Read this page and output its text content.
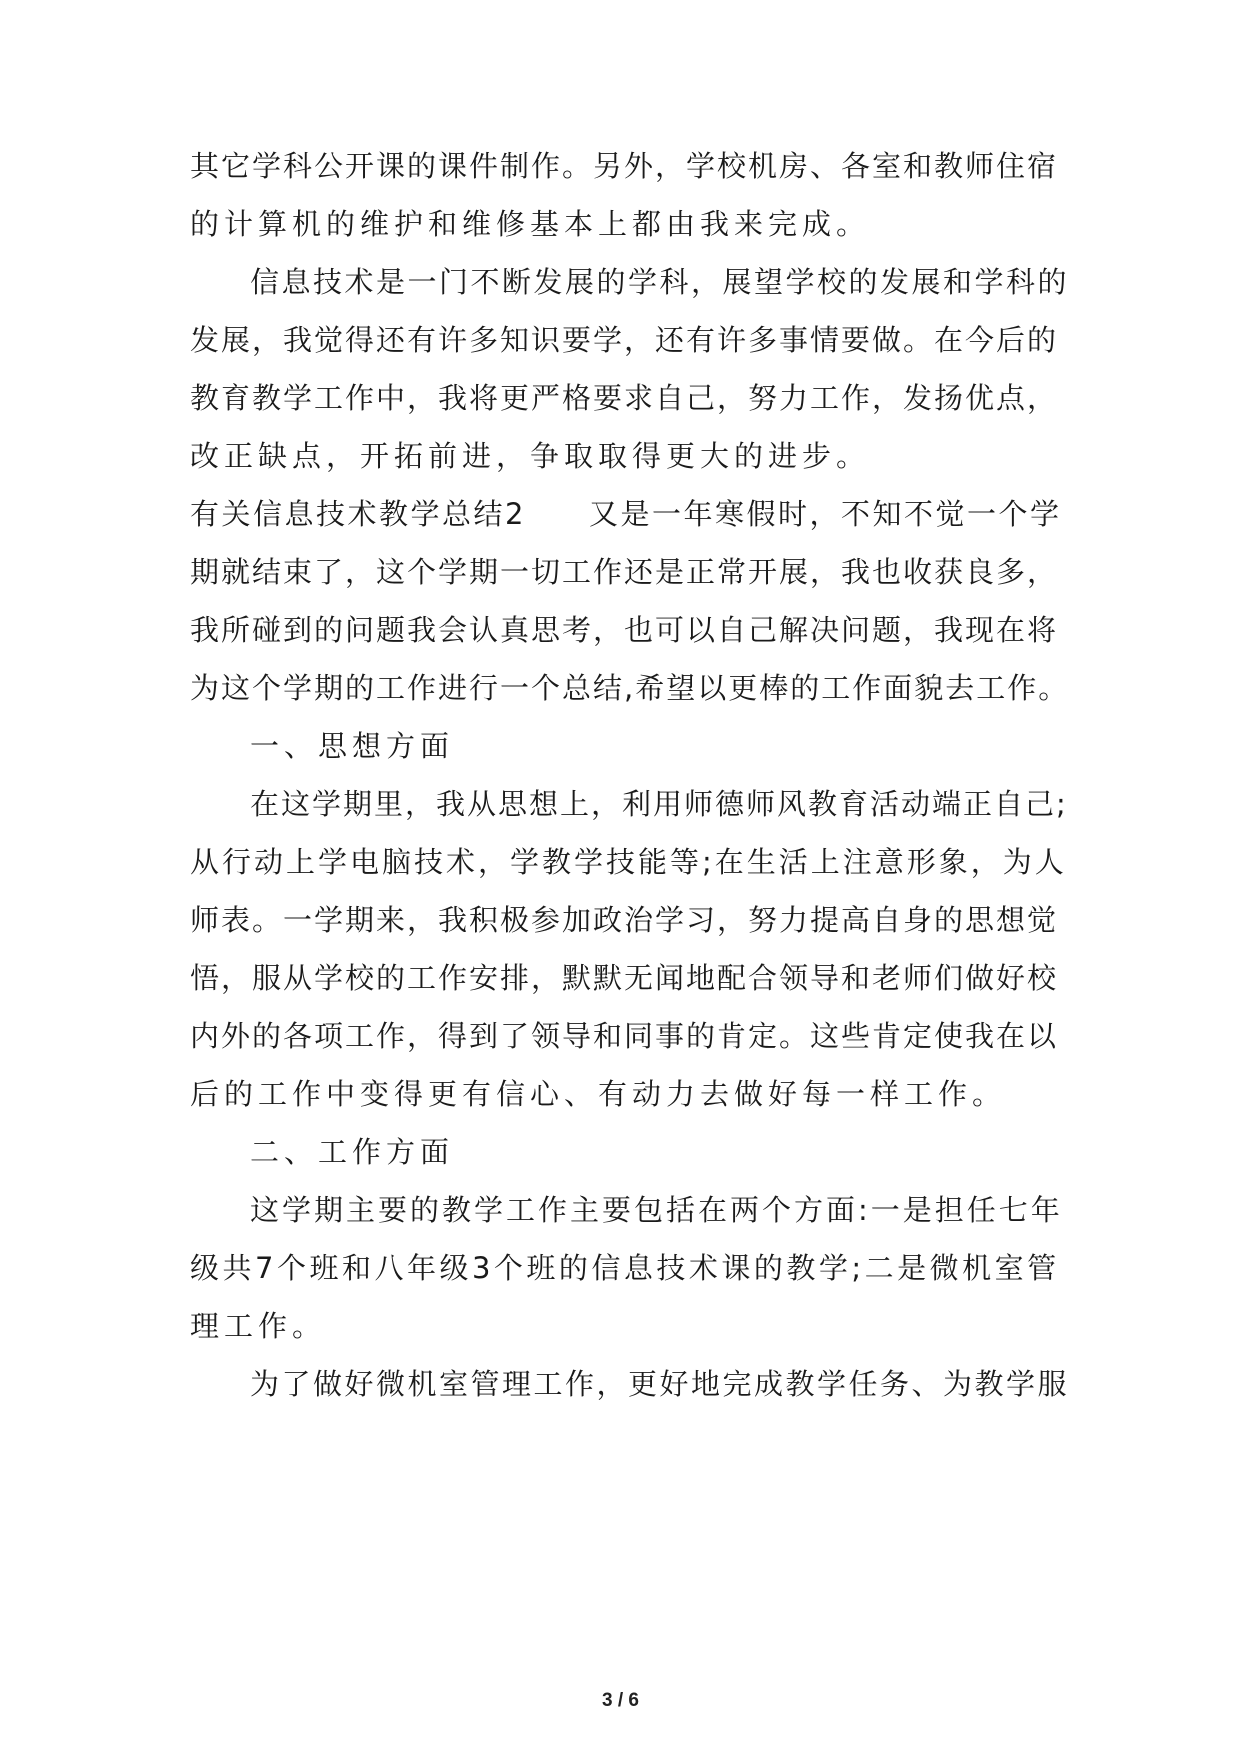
其它学科公开课的课件制作。另外，学校机房、各室和教师住宿
的计算机的维护和维修基本上都由我来完成。
信息技术是一门不断发展的学科，展望学校的发展和学科的
发展，我觉得还有许多知识要学，还有许多事情要做。在今后的
教育教学工作中，我将更严格要求自己，努力工作，发扬优点，
改正缺点，开拓前进，争取取得更大的进步。
有关信息技术教学总结2　　又是一年寒假时，不知不觉一个学
期就结束了，这个学期一切工作还是正常开展，我也收获良多，
我所碰到的问题我会认真思考，也可以自己解决问题，我现在将
为这个学期的工作进行一个总结,希望以更棒的工作面貌去工作。
一、思想方面
在这学期里，我从思想上，利用师德师风教育活动端正自己;
从行动上学电脑技术，学教学技能等;在生活上注意形象，为人
师表。一学期来，我积极参加政治学习，努力提高自身的思想觉
悟，服从学校的工作安排，默默无闻地配合领导和老师们做好校
内外的各项工作，得到了领导和同事的肯定。这些肯定使我在以
后的工作中变得更有信心、有动力去做好每一样工作。
二、工作方面
这学期主要的教学工作主要包括在两个方面:一是担任七年
级共7个班和八年级3个班的信息技术课的教学;二是微机室管
理工作。
为了做好微机室管理工作，更好地完成教学任务、为教学服
3 / 6
